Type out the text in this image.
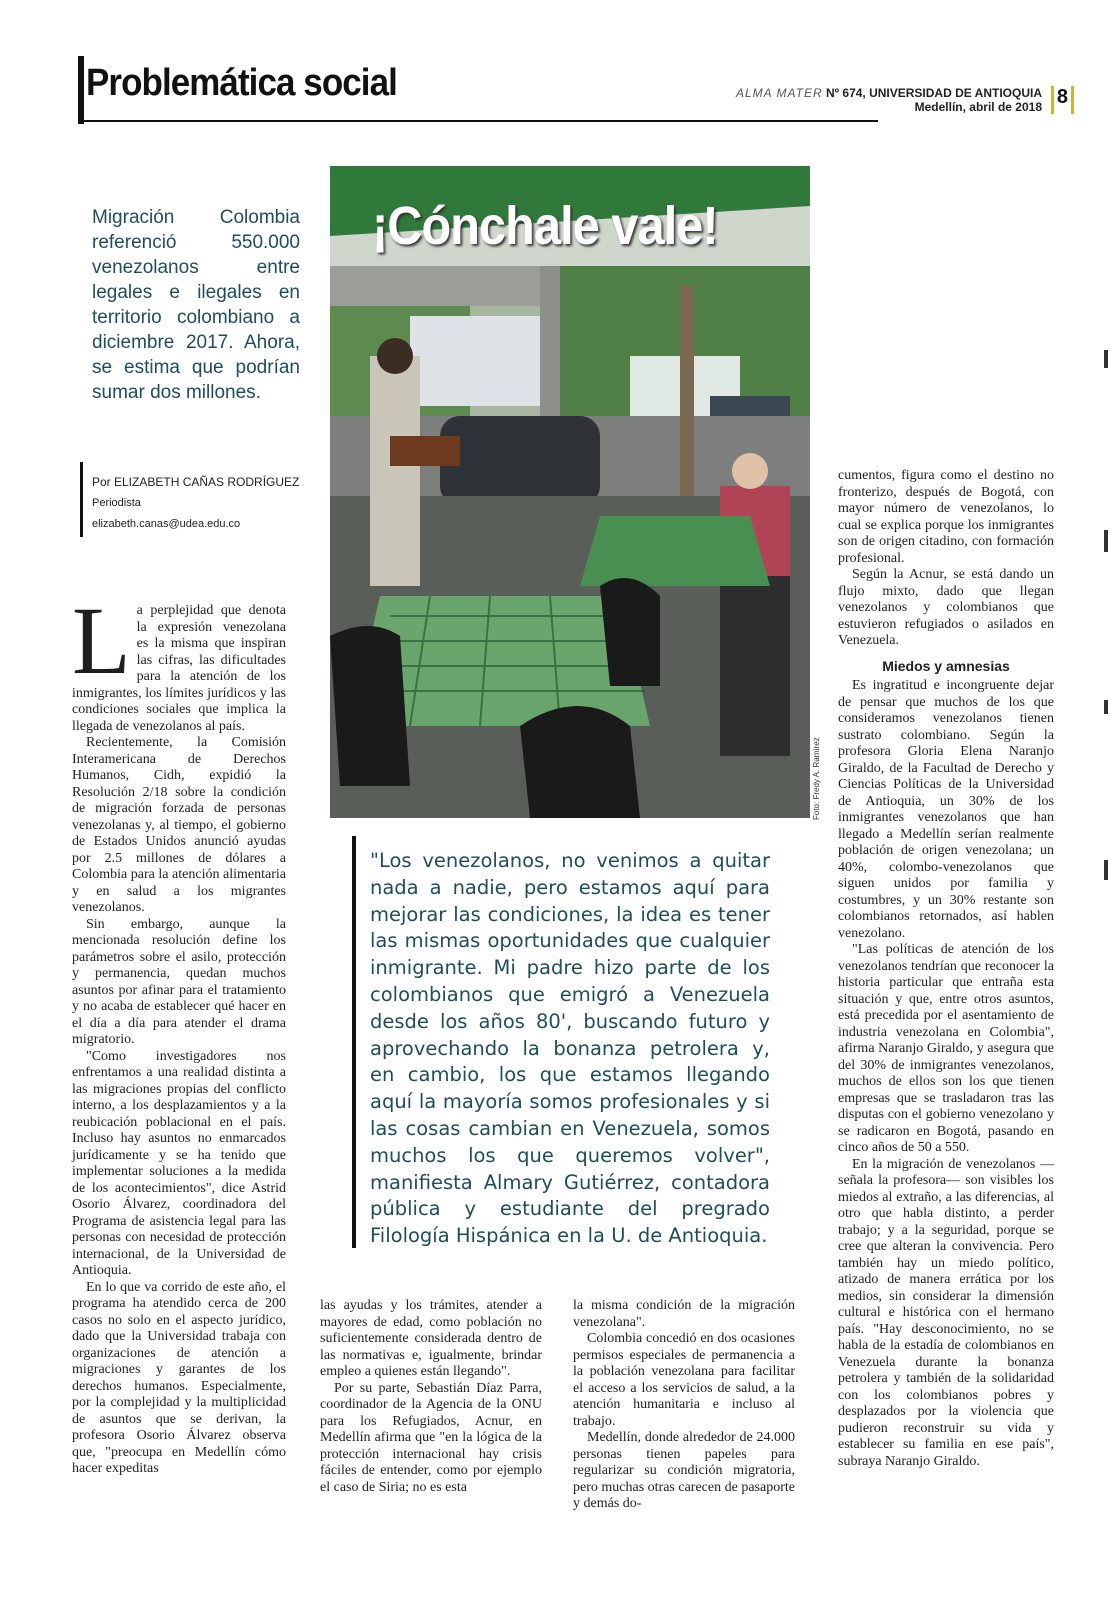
Problemática social	ALMA MATER Nº 674, UNIVERSIDAD DE ANTIOQUIA
Medellín, abril de 2018 8
Migración Colombia referenció 550.000 venezolanos entre legales e ilegales en territorio colombiano a diciembre 2017. Ahora, se estima que podrían sumar dos millones.
Por ELIZABETH CAÑAS RODRÍGUEZ
Periodista
elizabeth.canas@udea.edu.co
¡Cónchale vale!
Foto: Fredy A. Ramírez
"Los venezolanos, no venimos a quitar nada a nadie, pero estamos aquí para mejorar las condiciones, la idea es tener las mismas oportunidades que cualquier inmigrante. Mi padre hizo parte de los colombianos que emigró a Venezuela desde los años 80', buscando futuro y aprovechando la bonanza petrolera y, en cambio, los que estamos llegando aquí la mayoría somos profesionales y si las cosas cambian en Venezuela, somos muchos los que queremos volver", manifiesta Almary Gutiérrez, contadora pública y estudiante del pregrado Filología Hispánica en la U. de Antioquia.

La perplejidad que denota la expresión venezolana es la misma que inspiran las cifras, las dificultades para la atención de los inmigrantes, los límites jurídicos y las condiciones sociales que implica la llegada de venezolanos al país.

Recientemente, la Comisión Interamericana de Derechos Humanos, Cidh, expidió la Resolución 2/18 sobre la condición de migración forzada de personas venezolanas y, al tiempo, el gobierno de Estados Unidos anunció ayudas por 2.5 millones de dólares a Colombia para la atención alimentaria y en salud a los migrantes venezolanos.

Sin embargo, aunque la mencionada resolución define los parámetros sobre el asilo, protección y permanencia, quedan muchos asuntos por afinar para el tratamiento y no acaba de establecer qué hacer en el día a día para atender el drama migratorio.

"Como investigadores nos enfrentamos a una realidad distinta a las migraciones propias del conflicto interno, a los desplazamientos y a la reubicación poblacional en el país. Incluso hay asuntos no enmarcados jurídicamente y se ha tenido que implementar soluciones a la medida de los acontecimientos", dice Astrid Osorio Álvarez, coordinadora del Programa de asistencia legal para las personas con necesidad de protección internacional, de la Universidad de Antioquia.

En lo que va corrido de este año, el programa ha atendido cerca de 200 casos no solo en el aspecto jurídico, dado que la Universidad trabaja con organizaciones de atención a migraciones y garantes de los derechos humanos. Especialmente, por la complejidad y la multiplicidad de asuntos que se derivan, la profesora Osorio Álvarez observa que, "preocupa en Medellín cómo hacer expeditas

las ayudas y los trámites, atender a mayores de edad, como población no suficientemente considerada dentro de las normativas e, igualmente, brindar empleo a quienes están llegando".

Por su parte, Sebastián Díaz Parra, coordinador de la Agencia de la ONU para los Refugiados, Acnur, en Medellín afirma que "en la lógica de la protección internacional hay crisis fáciles de entender, como por ejemplo el caso de Siria; no es esta

la misma condición de la migración venezolana".

Colombia concedió en dos ocasiones permisos especiales de permanencia a la población venezolana para facilitar el acceso a los servicios de salud, a la atención humanitaria e incluso al trabajo.

Medellín, donde alrededor de 24.000 personas tienen papeles para regularizar su condición migratoria, pero muchas otras carecen de pasaporte y demás do-

cumentos, figura como el destino no fronterizo, después de Bogotá, con mayor número de venezolanos, lo cual se explica porque los inmigrantes son de origen citadino, con formación profesional.

Según la Acnur, se está dando un flujo mixto, dado que llegan venezolanos y colombianos que estuvieron refugiados o asilados en Venezuela.

Miedos y amnesias

Es ingratitud e incongruente dejar de pensar que muchos de los que consideramos venezolanos tienen sustrato colombiano. Según la profesora Gloria Elena Naranjo Giraldo, de la Facultad de Derecho y Ciencias Políticas de la Universidad de Antioquia, un 30% de los inmigrantes venezolanos que han llegado a Medellín serían realmente población de origen venezolana; un 40%, colombo-venezolanos que siguen unidos por familia y costumbres, y un 30% restante son colombianos retornados, así hablen venezolano.

"Las políticas de atención de los venezolanos tendrían que reconocer la historia particular que entraña esta situación y que, entre otros asuntos, está precedida por el asentamiento de industria venezolana en Colombia", afirma Naranjo Giraldo, y asegura que del 30% de inmigrantes venezolanos, muchos de ellos son los que tienen empresas que se trasladaron tras las disputas con el gobierno venezolano y se radicaron en Bogotá, pasando en cinco años de 50 a 550.

En la migración de venezolanos —señala la profesora— son visibles los miedos al extraño, a las diferencias, al otro que habla distinto, a perder trabajo; y a la seguridad, porque se cree que alteran la convivencia. Pero también hay un miedo político, atizado de manera errática por los medios, sin considerar la dimensión cultural e histórica con el hermano país. "Hay desconocimiento, no se habla de la estadía de colombianos en Venezuela durante la bonanza petrolera y también de la solidaridad con los colombianos pobres y desplazados por la violencia que pudieron reconstruir su vida y establecer su familia en ese país", subraya Naranjo Giraldo.
